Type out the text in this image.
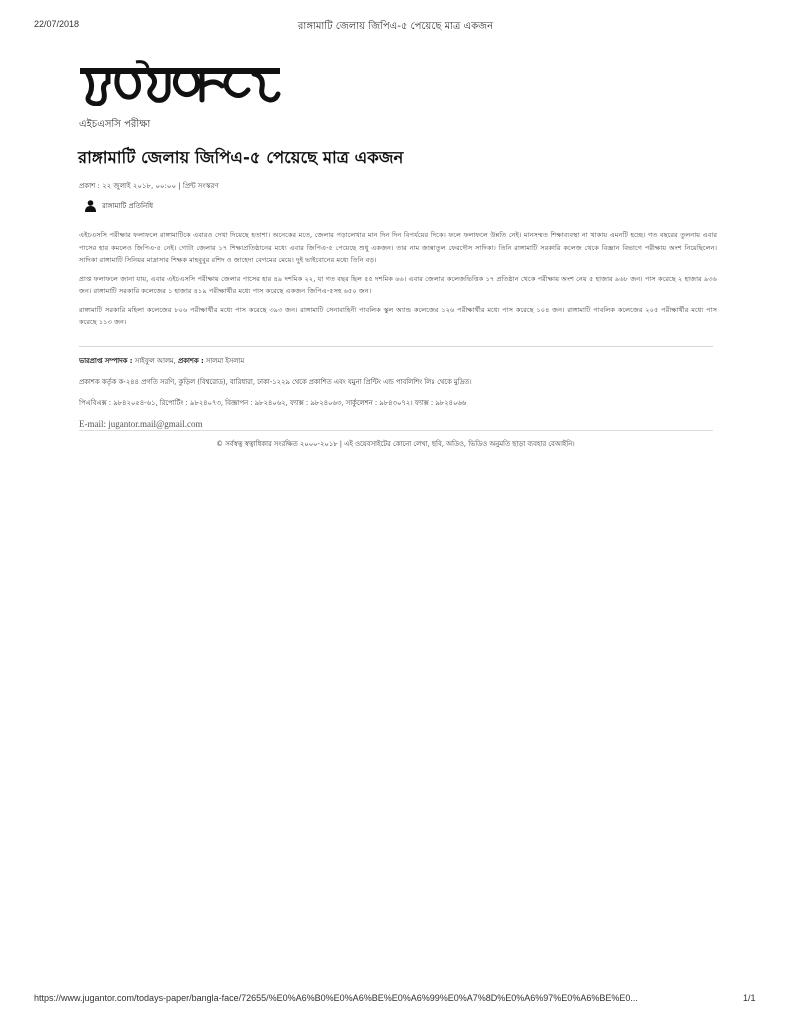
22/07/2018	রাঙ্গামাটি জেলায় জিপিএ-৫ পেয়েছে মাত্র একজন
এইচএসসি পরীক্ষা
রাঙ্গামাটি জেলায় জিপিএ-৫ পেয়েছে মাত্র একজন
প্রকাশ : ২২ জুলাই ২০১৮, ০০:০০ | প্রিন্ট সংস্করণ
রাঙ্গামাটি প্রতিনিধি

এইচএসসি পরীক্ষার ফলাফলে রাঙ্গামাটিকে এবারও দেখা দিয়েছে হতাশা। অনেকের মতে, জেলার পড়ালেখার মান দিন দিন বিপর্যয়ের দিকে। ফলে ফলাফলে উন্নতি নেই। মানসম্মত শিক্ষাব্যবস্থা না থাকায় এমনটি হচ্ছে। গত বছরের তুলনায় এবার পাসের হার কমলেও জিপিএ-৫ নেই। গোটা জেলার ১৭ শিক্ষাপ্রতিষ্ঠানের মধ্যে এবার জিপিএ-৫ পেয়েছে শুধু একজন। তার নাম জান্নাতুল ফেরদৌস সাদিকা। তিনি রাঙ্গামাটি সরকারি কলেজ থেকে বিজ্ঞান বিভাগে পরীক্ষায় অংশ নিয়েছিলেন। সাদিকা রাঙ্গামাটি সিনিয়র মাদ্রাসার শিক্ষক মাহবুবুর রশিদ ও জাহেদা বেগমের মেয়ে। দুই ভাইবোনের মধ্যে তিনি বড়।

প্রাপ্ত ফলাফলে জানা যায়, এবার এইচএসসি পরীক্ষায় জেলার পাসের হার ৪৯ দশমিক ২২, যা গত বছর ছিল ৫৫ দশমিক ৬৬। এবার জেলার কলেজভিত্তিক ১৭ প্রতিষ্ঠান থেকে পরীক্ষায় অংশ নেয় ৫ হাজার ৯৬৮ জন। পাস করেছে ২ হাজার ৯৩৬ জন। রাঙ্গামাটি সরকারি কলেজের ১ হাজার ৪১৯ পরীক্ষার্থীর মধ্যে পাস করেছে একজন জিপিএ-৫সহ ৬৫০ জন।

রাঙ্গামাটি সরকারি মহিলা কলেজের ৮০৬ পরীক্ষার্থীর মধ্যে পাস করেছে ৩৯৩ জন। রাঙ্গামাটি সেনাবাহিনী পাবলিক স্কুল অ্যান্ড কলেজের ১২৬ পরীক্ষার্থীর মধ্যে পাস করেছে ১০৪ জন। রাঙ্গামাটি পাবলিক কলেজের ২০৫ পরীক্ষার্থীর মধ্যে পাস করেছে ১১৩ জন।

ভারপ্রাপ্ত সম্পাদক : সাইফুল আলম, প্রকাশক : সালমা ইসলাম
প্রকাশক কর্তৃক ক-২৪৪ প্রগতি সরণি, কুড়িল (বিশ্বরোড), বারিধারা, ঢাকা-১২২৯ থেকে প্রকাশিত এবং যমুনা প্রিন্টিং এন্ড পাবলিশিং লিঃ থেকে মুদ্রিত।
পিএবিএক্স : ৯৮৪২০৫৪-৬১, রিপোর্টিং : ৯৮২৪০৭৩, বিজ্ঞাপন : ৯৮২৪০৬২, ফ্যাক্স : ৯৮২৪০৬৩, সার্কুলেশন : ৯৮৪৩০৭২। ফ্যাক্স : ৯৮২৪০৬৬
E-mail: jugantor.mail@gmail.com
© সর্বস্বত্ব স্বত্বাধিকার সংরক্ষিত ২০০০-২০১৮ | এই ওয়েবসাইটের কোনো লেখা, ছবি, অডিও, ভিডিও অনুমতি ছাড়া ব্যবহার বেআইনি।
https://www.jugantor.com/todays-paper/bangla-face/72655/%E0%A6%B0%E0%A6%BE%E0%A6%99%E0%A7%8D%E0%A6%97%E0%A6%BE%E0...	1/1
